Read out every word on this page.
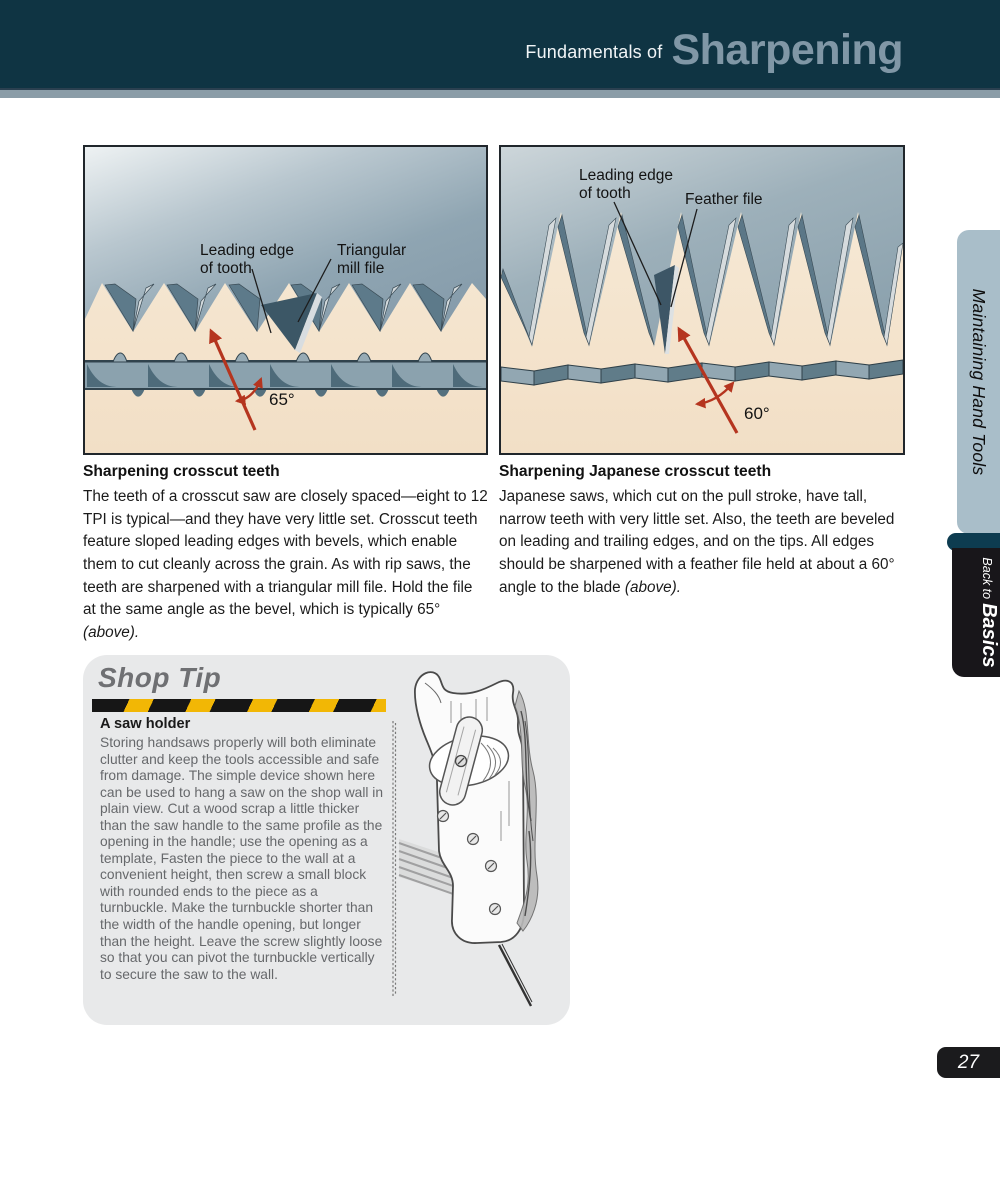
Fundamentals of Sharpening
Leading edge
of tooth
Triangular
mill file
65°
Leading edge
of tooth	Feather file
60°
Sharpening crosscut teeth

The teeth of a crosscut saw are closely spaced—eight to 12 TPI is typical—and they have very little set. Crosscut teeth feature sloped leading edges with bevels, which enable them to cut cleanly across the grain. As with rip saws, the teeth are sharpened with a triangular mill file. Hold the file at the same angle as the bevel, which is typically 65° (above).

Sharpening Japanese crosscut teeth

Japanese saws, which cut on the pull stroke, have tall, narrow teeth with very little set. Also, the teeth are beveled on leading and trailing edges, and on the tips. All edges should be sharpened with a feather file held at about a 60° angle to the blade (above).

Shop Tip
A saw holder
Storing handsaws properly will both eliminate clutter and keep the tools accessible and safe from damage. The simple device shown here can be used to hang a saw on the shop wall in plain view. Cut a wood scrap a little thicker than the saw handle to the same profile as the opening in the handle; use the opening as a template, Fasten the piece to the wall at a convenient height, then screw a small block with rounded ends to the piece as a turnbuckle. Make the turnbuckle shorter than the width of the handle opening, but longer than the height. Leave the screw slightly loose so that you can pivot the turnbuckle vertically to secure the saw to the wall.
Maintaining Hand Tools
Back to
Basics
27
